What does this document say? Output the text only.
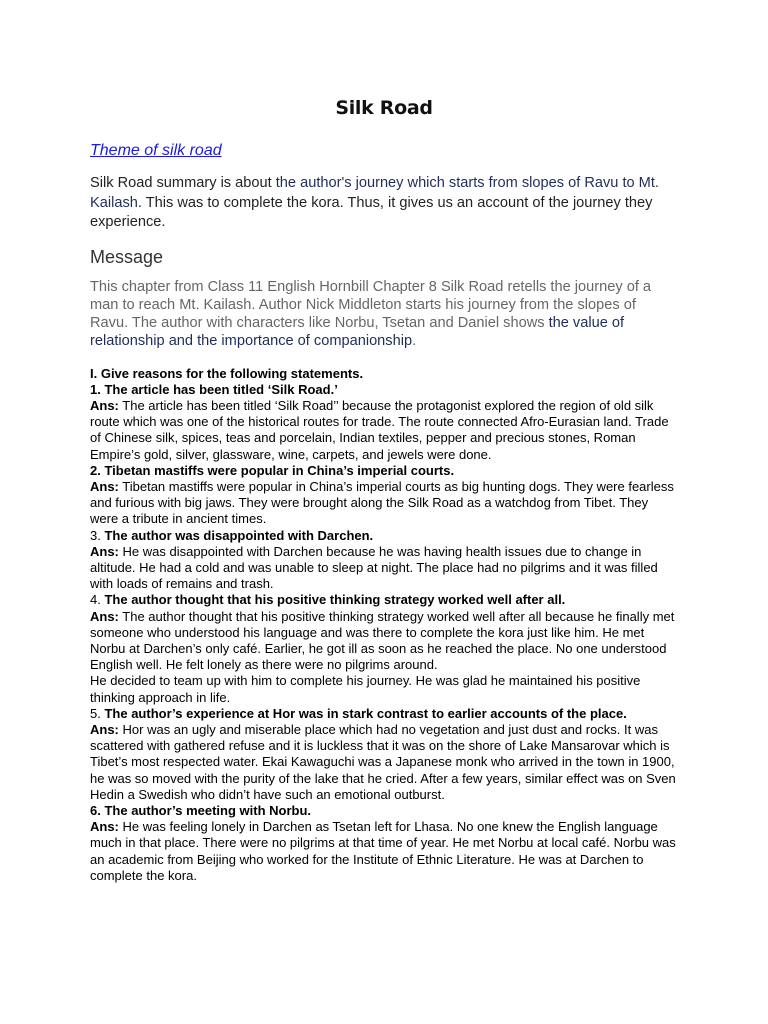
Silk Road
Theme of silk road

Silk Road summary is about the author's journey which starts from slopes of Ravu to Mt. Kailash. This was to complete the kora. Thus, it gives us an account of the journey they experience.

Message

This chapter from Class 11 English Hornbill Chapter 8 Silk Road retells the journey of a man to reach Mt. Kailash. Author Nick Middleton starts his journey from the slopes of Ravu. The author with characters like Norbu, Tsetan and Daniel shows the value of relationship and the importance of companionship.

I. Give reasons for the following statements.

1. The article has been titled ‘Silk Road.’

Ans: The article has been titled ‘Silk Road’’ because the protagonist explored the region of old silk route which was one of the historical routes for trade. The route connected Afro-Eurasian land. Trade of Chinese silk, spices, teas and porcelain, Indian textiles, pepper and precious stones, Roman Empire’s gold, silver, glassware, wine, carpets, and jewels were done.

2. Tibetan mastiffs were popular in China’s imperial courts.

Ans: Tibetan mastiffs were popular in China’s imperial courts as big hunting dogs. They were fearless and furious with big jaws. They were brought along the Silk Road as a watchdog from Tibet. They were a tribute in ancient times.

3. The author was disappointed with Darchen.

Ans: He was disappointed with Darchen because he was having health issues due to change in altitude. He had a cold and was unable to sleep at night. The place had no pilgrims and it was filled with loads of remains and trash.

4. The author thought that his positive thinking strategy worked well after all.

Ans: The author thought that his positive thinking strategy worked well after all because he finally met someone who understood his language and was there to complete the kora just like him. He met Norbu at Darchen’s only café. Earlier, he got ill as soon as he reached the place. No one understood English well. He felt lonely as there were no pilgrims around.

He decided to team up with him to complete his journey. He was glad he maintained his positive thinking approach in life.

5. The author’s experience at Hor was in stark contrast to earlier accounts of the place.

Ans: Hor was an ugly and miserable place which had no vegetation and just dust and rocks. It was scattered with gathered refuse and it is luckless that it was on the shore of Lake Mansarovar which is Tibet’s most respected water. Ekai Kawaguchi was a Japanese monk who arrived in the town in 1900, he was so moved with the purity of the lake that he cried. After a few years, similar effect was on Sven Hedin a Swedish who didn’t have such an emotional outburst.

6. The author’s meeting with Norbu.

Ans: He was feeling lonely in Darchen as Tsetan left for Lhasa. No one knew the English language much in that place. There were no pilgrims at that time of year. He met Norbu at local café. Norbu was an academic from Beijing who worked for the Institute of Ethnic Literature. He was at Darchen to complete the kora.
